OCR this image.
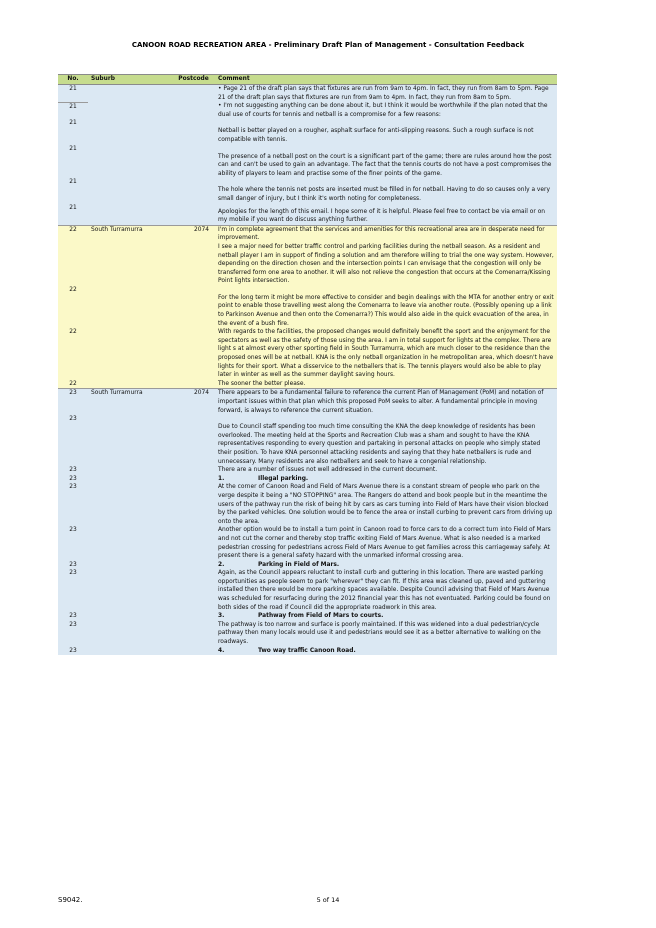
CANOON ROAD RECREATION AREA - Preliminary Draft Plan of Management - Consultation Feedback
No.	Suburb	Postcode	Comment
21			• Page 21 of the draft plan says that fixtures are run from 9am to 4pm. In fact, they run from 8am to 5pm. Page 21 of the draft plan says that fixtures are run from 9am to 4pm. In fact, they run from 8am to 5pm.

21			• I'm not suggesting anything can be done about it, but I think it would be worthwhile if the plan noted that the dual use of courts for tennis and netball is a compromise for a few reasons:

21			Netball is better played on a rougher, asphalt surface for anti-slipping reasons. Such a rough surface is not compatible with tennis.

21			The presence of a netball post on the court is a significant part of the game; there are rules around how the post can and can't be used to gain an advantage. The fact that the tennis courts do not have a post compromises the ability of players to learn and practise some of the finer points of the game.

21			The hole where the tennis net posts are inserted must be filled in for netball. Having to do so causes only a very small danger of injury, but I think it's worth noting for completeness.

21			Apologies for the length of this email. I hope some of it is helpful. Please feel free to contact be via email or on my mobile if you want do discuss anything further.

22	South Turramurra	2074	I'm in complete agreement that the services and amenities for this recreational area are in desperate need for improvement.

			I see a major need for better traffic control and parking facilities during the netball season. As a resident and netball player I am in support of finding a solution and am therefore willing to trial the one way system. However, depending on the direction chosen and the intersection points I can envisage that the congestion will only be transferred form one area to another. It will also not relieve the congestion that occurs at the Comenarra/Kissing Point lights intersection.

22			For the long term it might be more effective to consider and begin dealings with the MTA for another entry or exit point to enable those travelling west along the Comenarra to leave via another route. (Possibly opening up a link to Parkinson Avenue and then onto the Comenarra?) This would also aide in the quick evacuation of the area, in the event of a bush fire.

22			With regards to the facilities, the proposed changes would definitely benefit the sport and the enjoyment for the spectators as well as the safety of those using the area. I am in total support for lights at the complex. There are light s at almost every other sporting field in South Turramurra, which are much closer to the residence than the proposed ones will be at netball. KNA is the only netball organization in he metropolitan area, which doesn't have lights for their sport. What a disservice to the netballers that is. The tennis players would also be able to play later in winter as well as the summer daylight saving hours.

22			The sooner the better please.

23	South Turramurra	2074	There appears to be a fundamental failure to reference the current Plan of Management (PoM) and notation of important issues within that plan which this proposed PoM seeks to alter. A fundamental principle in moving forward, is always to reference the current situation.

23			Due to Council staff spending too much time consulting the KNA the deep knowledge of residents has been overlooked. The meeting held at the Sports and Recreation Club was a sham and sought to have the KNA representatives responding to every question and partaking in personal attacks on people who simply stated their position. To have KNA personnel attacking residents and saying that they hate netballers is rude and unnecessary. Many residents are also netballers and seek to have a congenial relationship.

23			There are a number of issues not well addressed in the current document.

23			1. Illegal parking.

23			At the corner of Canoon Road and Field of Mars Avenue there is a constant stream of people who park on the verge despite it being a "NO STOPPING" area. The Rangers do attend and book people but in the meantime the users of the pathway run the risk of being hit by cars as cars turning into Field of Mars have their vision blocked by the parked vehicles. One solution would be to fence the area or install curbing to prevent cars from driving up onto the area.

23			Another option would be to install a turn point in Canoon road to force cars to do a correct turn into Field of Mars and not cut the corner and thereby stop traffic exiting Field of Mars Avenue. What is also needed is a marked pedestrian crossing for pedestrians across Field of Mars Avenue to get families across this carriageway safely. At present there is a general safety hazard with the unmarked informal crossing area.

23			2. Parking in Field of Mars.

23			Again, as the Council appears reluctant to install curb and guttering in this location. There are wasted parking opportunities as people seem to park "wherever" they can fit. If this area was cleaned up, paved and guttering installed then there would be more parking spaces available. Despite Council advising that Field of Mars Avenue was scheduled for resurfacing during the 2012 financial year this has not eventuated. Parking could be found on both sides of the road if Council did the appropriate roadwork in this area.

23			3. Pathway from Field of Mars to courts.

23			The pathway is too narrow and surface is poorly maintained. If this was widened into a dual pedestrian/cycle pathway then many locals would use it and pedestrians would see it as a better alternative to walking on the roadways.

23			4. Two way traffic Canoon Road.

S9042.	5 of 14
